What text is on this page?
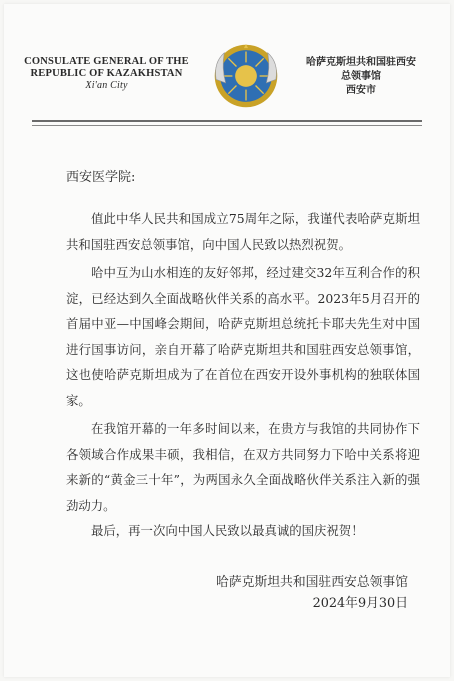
CONSULATE GENERAL OF THE
REPUBLIC OF KAZAKHSTAN
Xi'an City
哈萨克斯坦共和国驻西安
总领事馆
西安市
西安医学院:

值此中华人民共和国成立75周年之际，我谨代表哈萨克斯坦共和国驻西安总领事馆，向中国人民致以热烈祝贺。

哈中互为山水相连的友好邻邦，经过建交32年互利合作的积淀，已经达到久全面战略伙伴关系的高水平。2023年5月召开的首届中亚—中国峰会期间，哈萨克斯坦总统托卡耶夫先生对中国进行国事访问，亲自开幕了哈萨克斯坦共和国驻西安总领事馆，这也使哈萨克斯坦成为了在首位在西安开设外事机构的独联体国家。

在我馆开幕的一年多时间以来，在贵方与我馆的共同协作下各领域合作成果丰硕，我相信，在双方共同努力下哈中关系将迎来新的“黄金三十年”，为两国永久全面战略伙伴关系注入新的强劲动力。

最后，再一次向中国人民致以最真诚的国庆祝贺！

哈萨克斯坦共和国驻西安总领事馆
2024年9月30日
